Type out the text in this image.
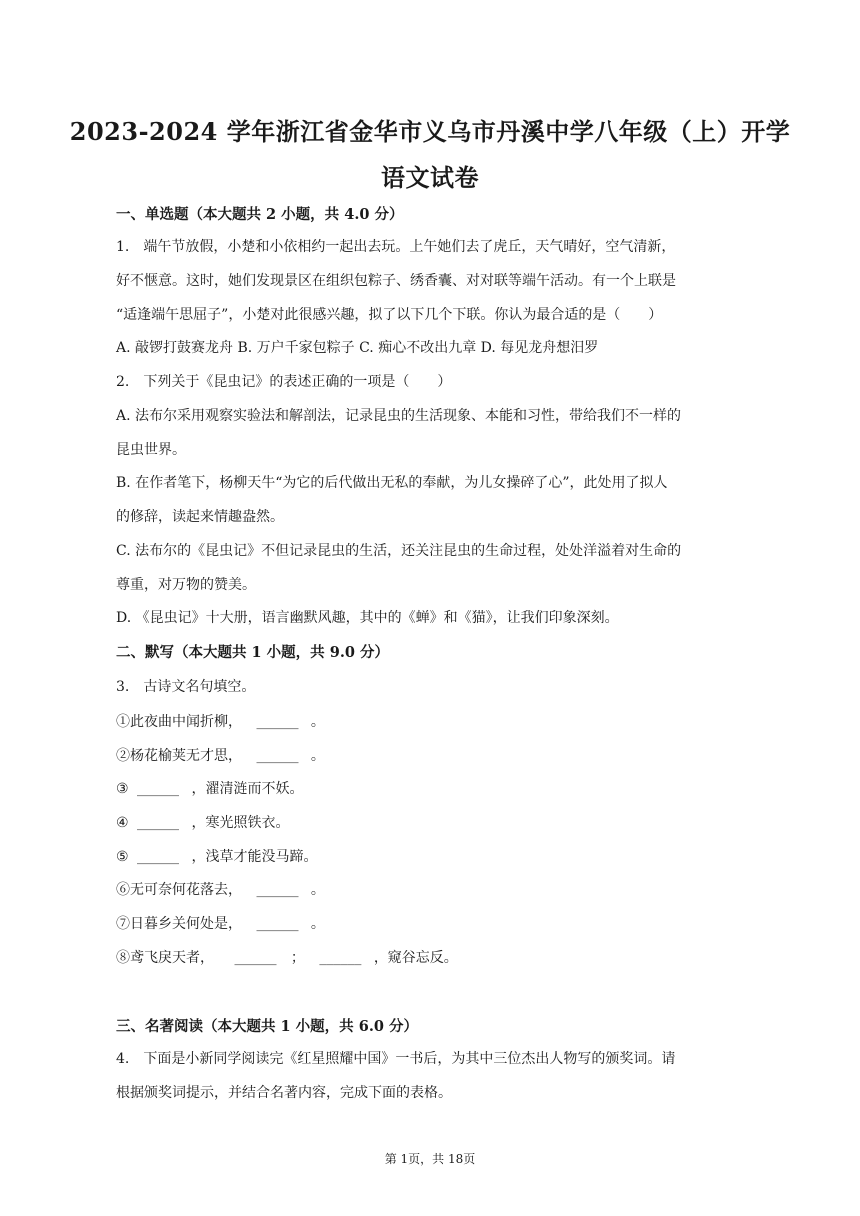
2023-2024 学年浙江省金华市义乌市丹溪中学八年级（上）开学
语文试卷
一、单选题（本大题共 2 小题，共 4.0 分）
1.　端午节放假，小楚和小依相约一起出去玩。上午她们去了虎丘，天气晴好，空气清新，
好不惬意。这时，她们发现景区在组织包粽子、绣香囊、对对联等端午活动。有一个上联是
“适逢端午思屈子”，小楚对此很感兴趣，拟了以下几个下联。你认为最合适的是（　　）
A. 敲锣打鼓赛龙舟 B. 万户千家包粽子 C. 痴心不改出九章 D. 每见龙舟想汨罗
2.　下列关于《昆虫记》的表述正确的一项是（　　）
A. 法布尔采用观察实验法和解剖法，记录昆虫的生活现象、本能和习性，带给我们不一样的
昆虫世界。
B. 在作者笔下，杨柳天牛“为它的后代做出无私的奉献，为儿女操碎了心”，此处用了拟人
的修辞，读起来情趣盎然。
C. 法布尔的《昆虫记》不但记录昆虫的生活，还关注昆虫的生命过程，处处洋溢着对生命的
尊重，对万物的赞美。
D. 《昆虫记》十大册，语言幽默风趣，其中的《蝉》和《猫》，让我们印象深刻。
二、默写（本大题共 1 小题，共 9.0 分）
3.　古诗文名句填空。
①此夜曲中闻折柳， ______ 。
②杨花榆荚无才思， ______ 。
③ ______ ，濯清涟而不妖。
④ ______ ，寒光照铁衣。
⑤ ______ ，浅草才能没马蹄。
⑥无可奈何花落去， ______ 。
⑦日暮乡关何处是， ______ 。
⑧鸢飞戾天者， ______ ； ______ ，窥谷忘反。
三、名著阅读（本大题共 1 小题，共 6.0 分）
4.　下面是小新同学阅读完《红星照耀中国》一书后，为其中三位杰出人物写的颁奖词。请
根据颁奖词提示，并结合名著内容，完成下面的表格。
第 1页，共 18页
